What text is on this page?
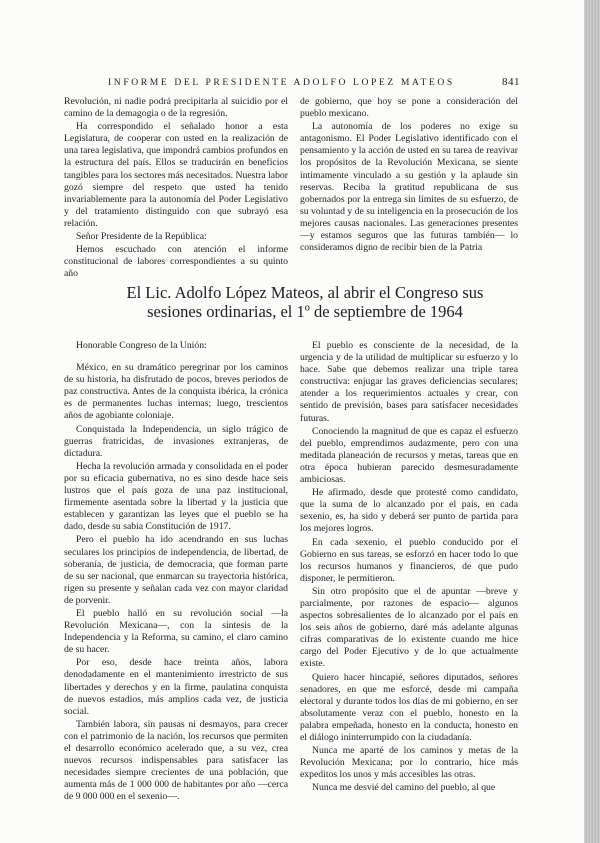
INFORME DEL PRESIDENTE ADOLFO LOPEZ MATEOS	841

Revolución, ni nadie podrá precipitarla al suicidio por el camino de la demagogia o de la regresión.

Ha correspondido el señalado honor a esta Legislatura, de cooperar con usted en la realización de una tarea legislativa, que impondrá cambios profundos en la estructura del país. Ellos se traducirán en beneficios tangibles para los sectores más necesitados. Nuestra labor gozó siempre del respeto que usted ha tenido invariablemente para la autonomía del Poder Legislativo y del tratamiento distinguido con que subrayó esa relación.

Señor Presidente de la República:

Hemos escuchado con atención el informe constitucional de labores correspondientes a su quinto año

de gobierno, que hoy se pone a consideración del pueblo mexicano.

La autonomía de los poderes no exige su antagonismo. El Poder Legislativo identificado con el pensamiento y la acción de usted en su tarea de reavivar los propósitos de la Revolución Mexicana, se siente íntimamente vinculado a su gestión y la aplaude sin reservas. Reciba la gratitud republicana de sus gobernados por la entrega sin límites de su esfuerzo, de su voluntad y de su inteligencia en la prosecución de los mejores causas nacionales. Las generaciones presentes —y estamos seguros que las futuras también— lo consideramos digno de recibir bien de la Patria

El Lic. Adolfo López Mateos, al abrir el Congreso sus
sesiones ordinarias, el 1º de septiembre de 1964

Honorable Congreso de la Unión:

México, en su dramático peregrinar por los caminos de su historia, ha disfrutado de pocos, breves periodos de paz constructiva. Antes de la conquista ibérica, la crónica es de permanentes luchas internas; luego, trescientos años de agobiante coloniaje.

Conquistada la Independencia, un siglo trágico de guerras fratricidas, de invasiones extranjeras, de dictadura.

Hecha la revolución armada y consolidada en el poder por su eficacia gubernativa, no es sino desde hace seis lustros que el país goza de una paz institucional, firmemente asentada sobre la libertad y la justicia que establecen y garantizan las leyes que el pueblo se ha dado, desde su sabia Constitución de 1917.

Pero el pueblo ha ido acendrando en sus luchas seculares los principios de independencia, de libertad, de soberanía, de justicia, de democracia, que forman parte de su ser nacional, que enmarcan su trayectoria histórica, rigen su presente y señalan cada vez con mayor claridad de porvenir.

El pueblo halló en su revolución social —la Revolución Mexicana—, con la síntesis de la Independencia y la Reforma, su camino, el claro camino de su hacer.

Por eso, desde hace treinta años, labora denodadamente en el mantenimiento irrestricto de sus libertades y derechos y en la firme, paulatina conquista de nuevos estadios, más amplios cada vez, de justicia social.

También labora, sin pausas ni desmayos, para crecer con el patrimonio de la nación, los recursos que permiten el desarrollo económico acelerado que, a su vez, crea nuevos recursos indispensables para satisfacer las necesidades siempre crecientes de una población, que aumenta más de 1 000 000 de habitantes por año —cerca de 9 000 000 en el sexenio—.

El pueblo es consciente de la necesidad, de la urgencia y de la utilidad de multiplicar su esfuerzo y lo hace. Sabe que debemos realizar una triple tarea constructiva: enjugar las graves deficiencias seculares; atender a los requerimientos actuales y crear, con sentido de previsión, bases para satisfacer necesidades futuras.

Conociendo la magnitud de que es capaz el esfuerzo del pueblo, emprendimos audazmente, pero con una meditada planeación de recursos y metas, tareas que en otra época hubieran parecido desmesuradamente ambiciosas.

He afirmado, desde que protesté como candidato, que la suma de lo alcanzado por el país, en cada sexenio, es, ha sido y deberá ser punto de partida para los mejores logros.

En cada sexenio, el pueblo conducido por el Gobierno en sus tareas, se esforzó en hacer todo lo que los recursos humanos y financieros, de que pudo disponer, le permitieron.

Sin otro propósito que el de apuntar —breve y parcialmente, por razones de espacio— algunos aspectos sobresalientes de lo alcanzado por el país en los seis años de gobierno, daré más adelante algunas cifras comparativas de lo existente cuando me hice cargo del Poder Ejecutivo y de lo que actualmente existe.

Quiero hacer hincapié, señores diputados, señores senadores, en que me esforcé, desde mi campaña electoral y durante todos los días de mi gobierno, en ser absolutamente veraz con el pueblo, honesto en la palabra empeñada, honesto en la conducta, honesto en el diálogo ininterrumpido con la ciudadanía.

Nunca me aparté de los caminos y metas de la Revolución Mexicana; por lo contrario, hice más expeditos los unos y más accesibles las otras.

Nunca me desvié del camino del pueblo, al que
